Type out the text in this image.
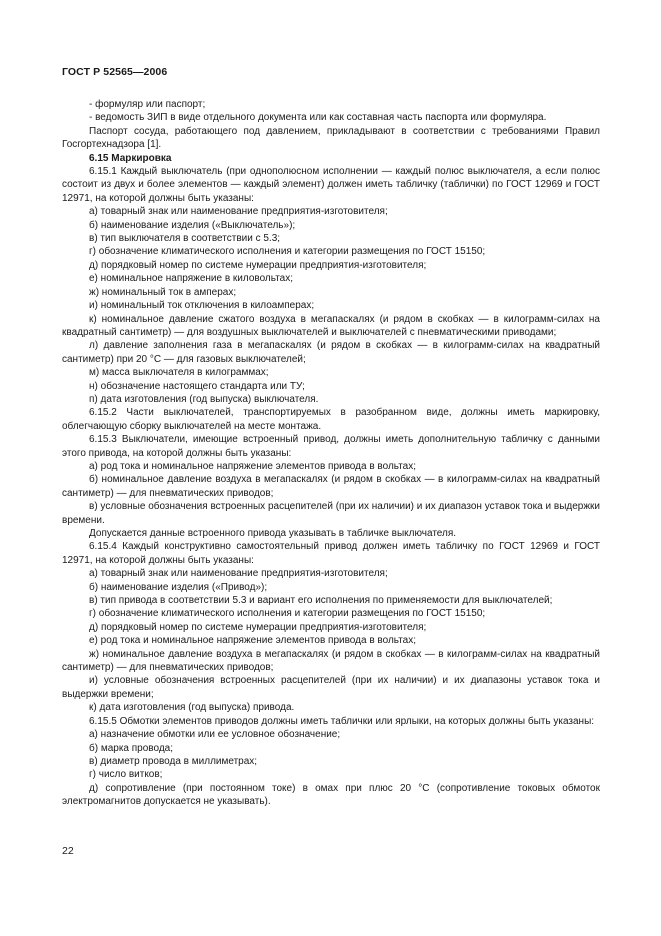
ГОСТ Р 52565—2006

- формуляр или паспорт;

- ведомость ЗИП в виде отдельного документа или как составная часть паспорта или формуляра.

Паспорт сосуда, работающего под давлением, прикладывают в соответствии с требованиями Правил Госгортехнадзора [1].

6.15 Маркировка

6.15.1 Каждый выключатель (при однополюсном исполнении — каждый полюс выключателя, а если полюс состоит из двух и более элементов — каждый элемент) должен иметь табличку (таблички) по ГОСТ 12969 и ГОСТ 12971, на которой должны быть указаны:

а) товарный знак или наименование предприятия-изготовителя;

б) наименование изделия («Выключатель»);

в) тип выключателя в соответствии с 5.3;

г) обозначение климатического исполнения и категории размещения по ГОСТ 15150;

д) порядковый номер по системе нумерации предприятия-изготовителя;

е) номинальное напряжение в киловольтах;

ж) номинальный ток в амперах;

и) номинальный ток отключения в килоамперах;

к) номинальное давление сжатого воздуха в мегапаскалях (и рядом в скобках — в килограмм-силах на квадратный сантиметр) — для воздушных выключателей и выключателей с пневматическими приводами;

л) давление заполнения газа в мегапаскалях (и рядом в скобках — в килограмм-силах на квадратный сантиметр) при 20 °С — для газовых выключателей;

м) масса выключателя в килограммах;

н) обозначение настоящего стандарта или ТУ;

п) дата изготовления (год выпуска) выключателя.

6.15.2 Части выключателей, транспортируемых в разобранном виде, должны иметь маркировку, облегчающую сборку выключателей на месте монтажа.

6.15.3 Выключатели, имеющие встроенный привод, должны иметь дополнительную табличку с данными этого привода, на которой должны быть указаны:

а) род тока и номинальное напряжение элементов привода в вольтах;

б) номинальное давление воздуха в мегапаскалях (и рядом в скобках — в килограмм-силах на квадратный сантиметр) — для пневматических приводов;

в) условные обозначения встроенных расцепителей (при их наличии) и их диапазон уставок тока и выдержки времени.

Допускается данные встроенного привода указывать в табличке выключателя.

6.15.4 Каждый конструктивно самостоятельный привод должен иметь табличку по ГОСТ 12969 и ГОСТ 12971, на которой должны быть указаны:

а) товарный знак или наименование предприятия-изготовителя;

б) наименование изделия («Привод»);

в) тип привода в соответствии 5.3 и вариант его исполнения по применяемости для выключателей;

г) обозначение климатического исполнения и категории размещения по ГОСТ 15150;

д) порядковый номер по системе нумерации предприятия-изготовителя;

е) род тока и номинальное напряжение элементов привода в вольтах;

ж) номинальное давление воздуха в мегапаскалях (и рядом в скобках — в килограмм-силах на квадратный сантиметр) — для пневматических приводов;

и) условные обозначения встроенных расцепителей (при их наличии) и их диапазоны уставок тока и выдержки времени;

к) дата изготовления (год выпуска) привода.

6.15.5 Обмотки элементов приводов должны иметь таблички или ярлыки, на которых должны быть указаны:

а) назначение обмотки или ее условное обозначение;

б) марка провода;

в) диаметр провода в миллиметрах;

г) число витков;

д) сопротивление (при постоянном токе) в омах при плюс 20 °С (сопротивление токовых обмоток электромагнитов допускается не указывать).

22
